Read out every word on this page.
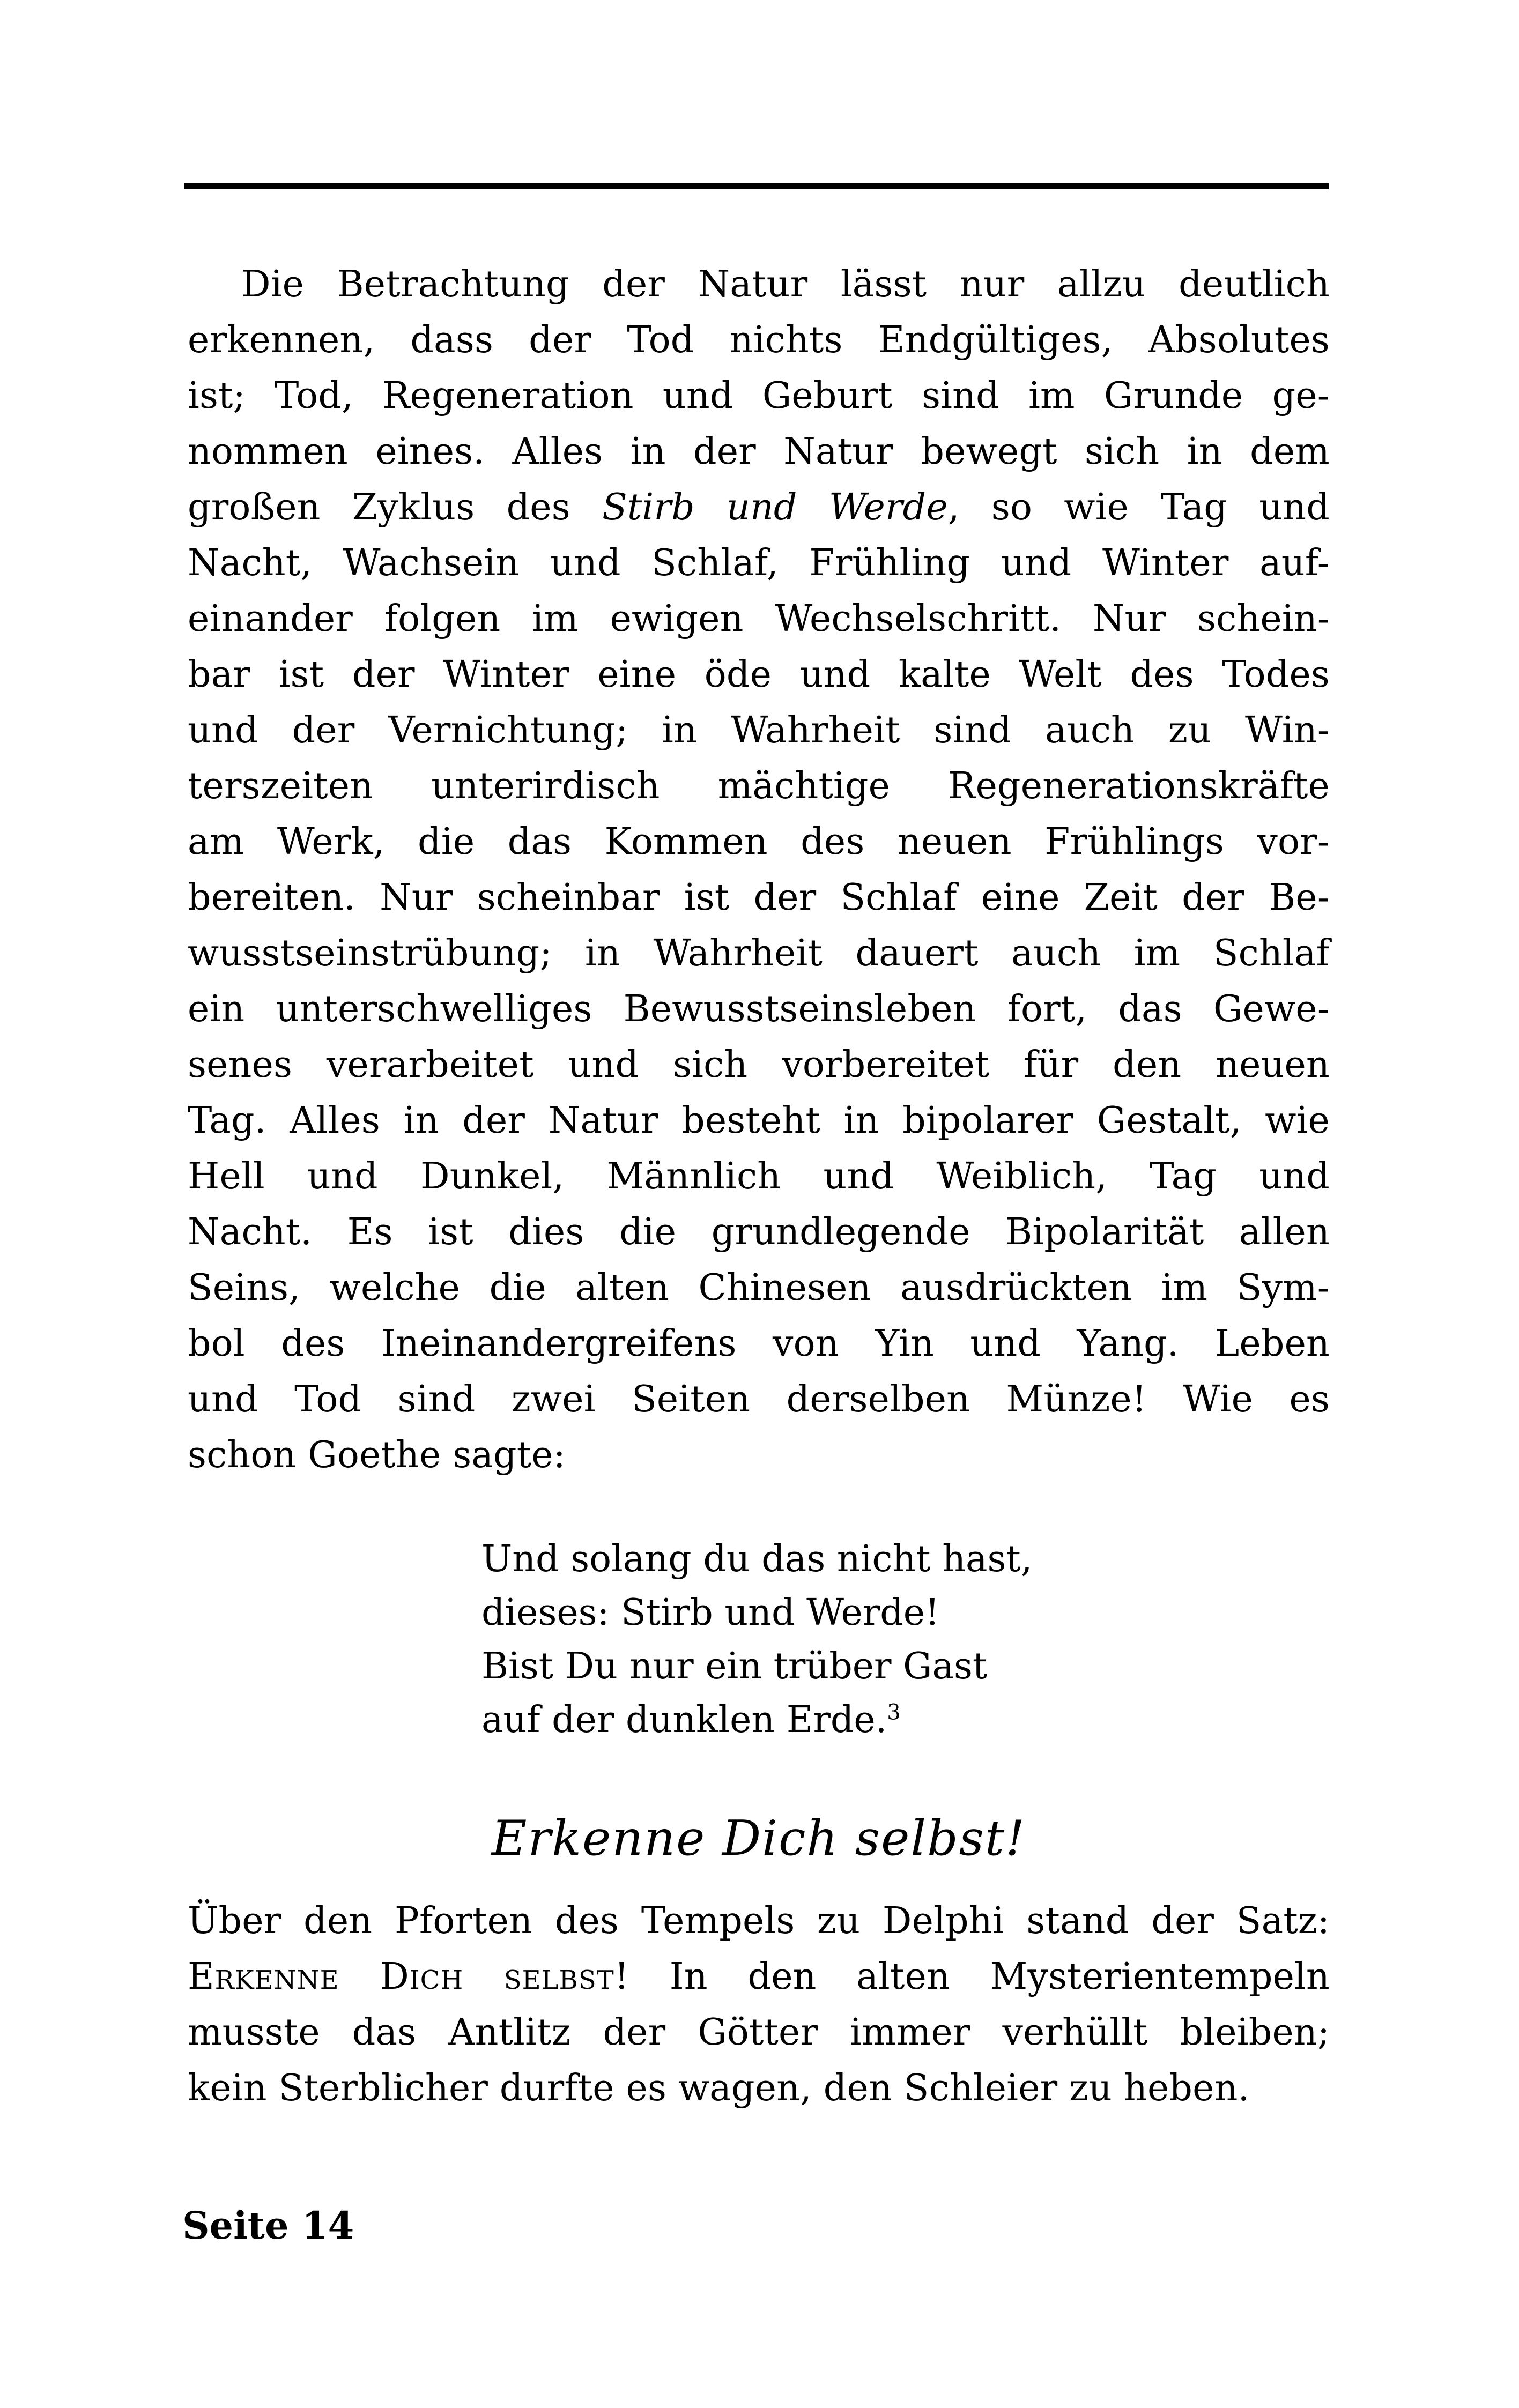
Die Betrachtung der Natur lässt nur allzu deutlich
erkennen, dass der Tod nichts Endgültiges, Absolutes
ist; Tod, Regeneration und Geburt sind im Grunde ge-
nommen eines. Alles in der Natur bewegt sich in dem
großen Zyklus des Stirb und Werde, so wie Tag und
Nacht, Wachsein und Schlaf, Frühling und Winter auf-
einander folgen im ewigen Wechselschritt. Nur schein-
bar ist der Winter eine öde und kalte Welt des Todes
und der Vernichtung; in Wahrheit sind auch zu Win-
terszeiten unterirdisch mächtige Regenerationskräfte
am Werk, die das Kommen des neuen Frühlings vor-
bereiten. Nur scheinbar ist der Schlaf eine Zeit der Be-
wusstseinstrübung; in Wahrheit dauert auch im Schlaf
ein unterschwelliges Bewusstseinsleben fort, das Gewe-
senes verarbeitet und sich vorbereitet für den neuen
Tag. Alles in der Natur besteht in bipolarer Gestalt, wie
Hell und Dunkel, Männlich und Weiblich, Tag und
Nacht. Es ist dies die grundlegende Bipolarität allen
Seins, welche die alten Chinesen ausdrückten im Sym-
bol des Ineinandergreifens von Yin und Yang. Leben
und Tod sind zwei Seiten derselben Münze! Wie es
schon Goethe sagte:
Und solang du das nicht hast,
dieses: Stirb und Werde!
Bist Du nur ein trüber Gast
auf der dunklen Erde.$^3$
Erkenne Dich selbst!
Über den Pforten des Tempels zu Delphi stand der Satz:
Erkenne Dich selbst! In den alten Mysterientempeln
musste das Antlitz der Götter immer verhüllt bleiben;
kein Sterblicher durfte es wagen, den Schleier zu heben.
Seite 14
